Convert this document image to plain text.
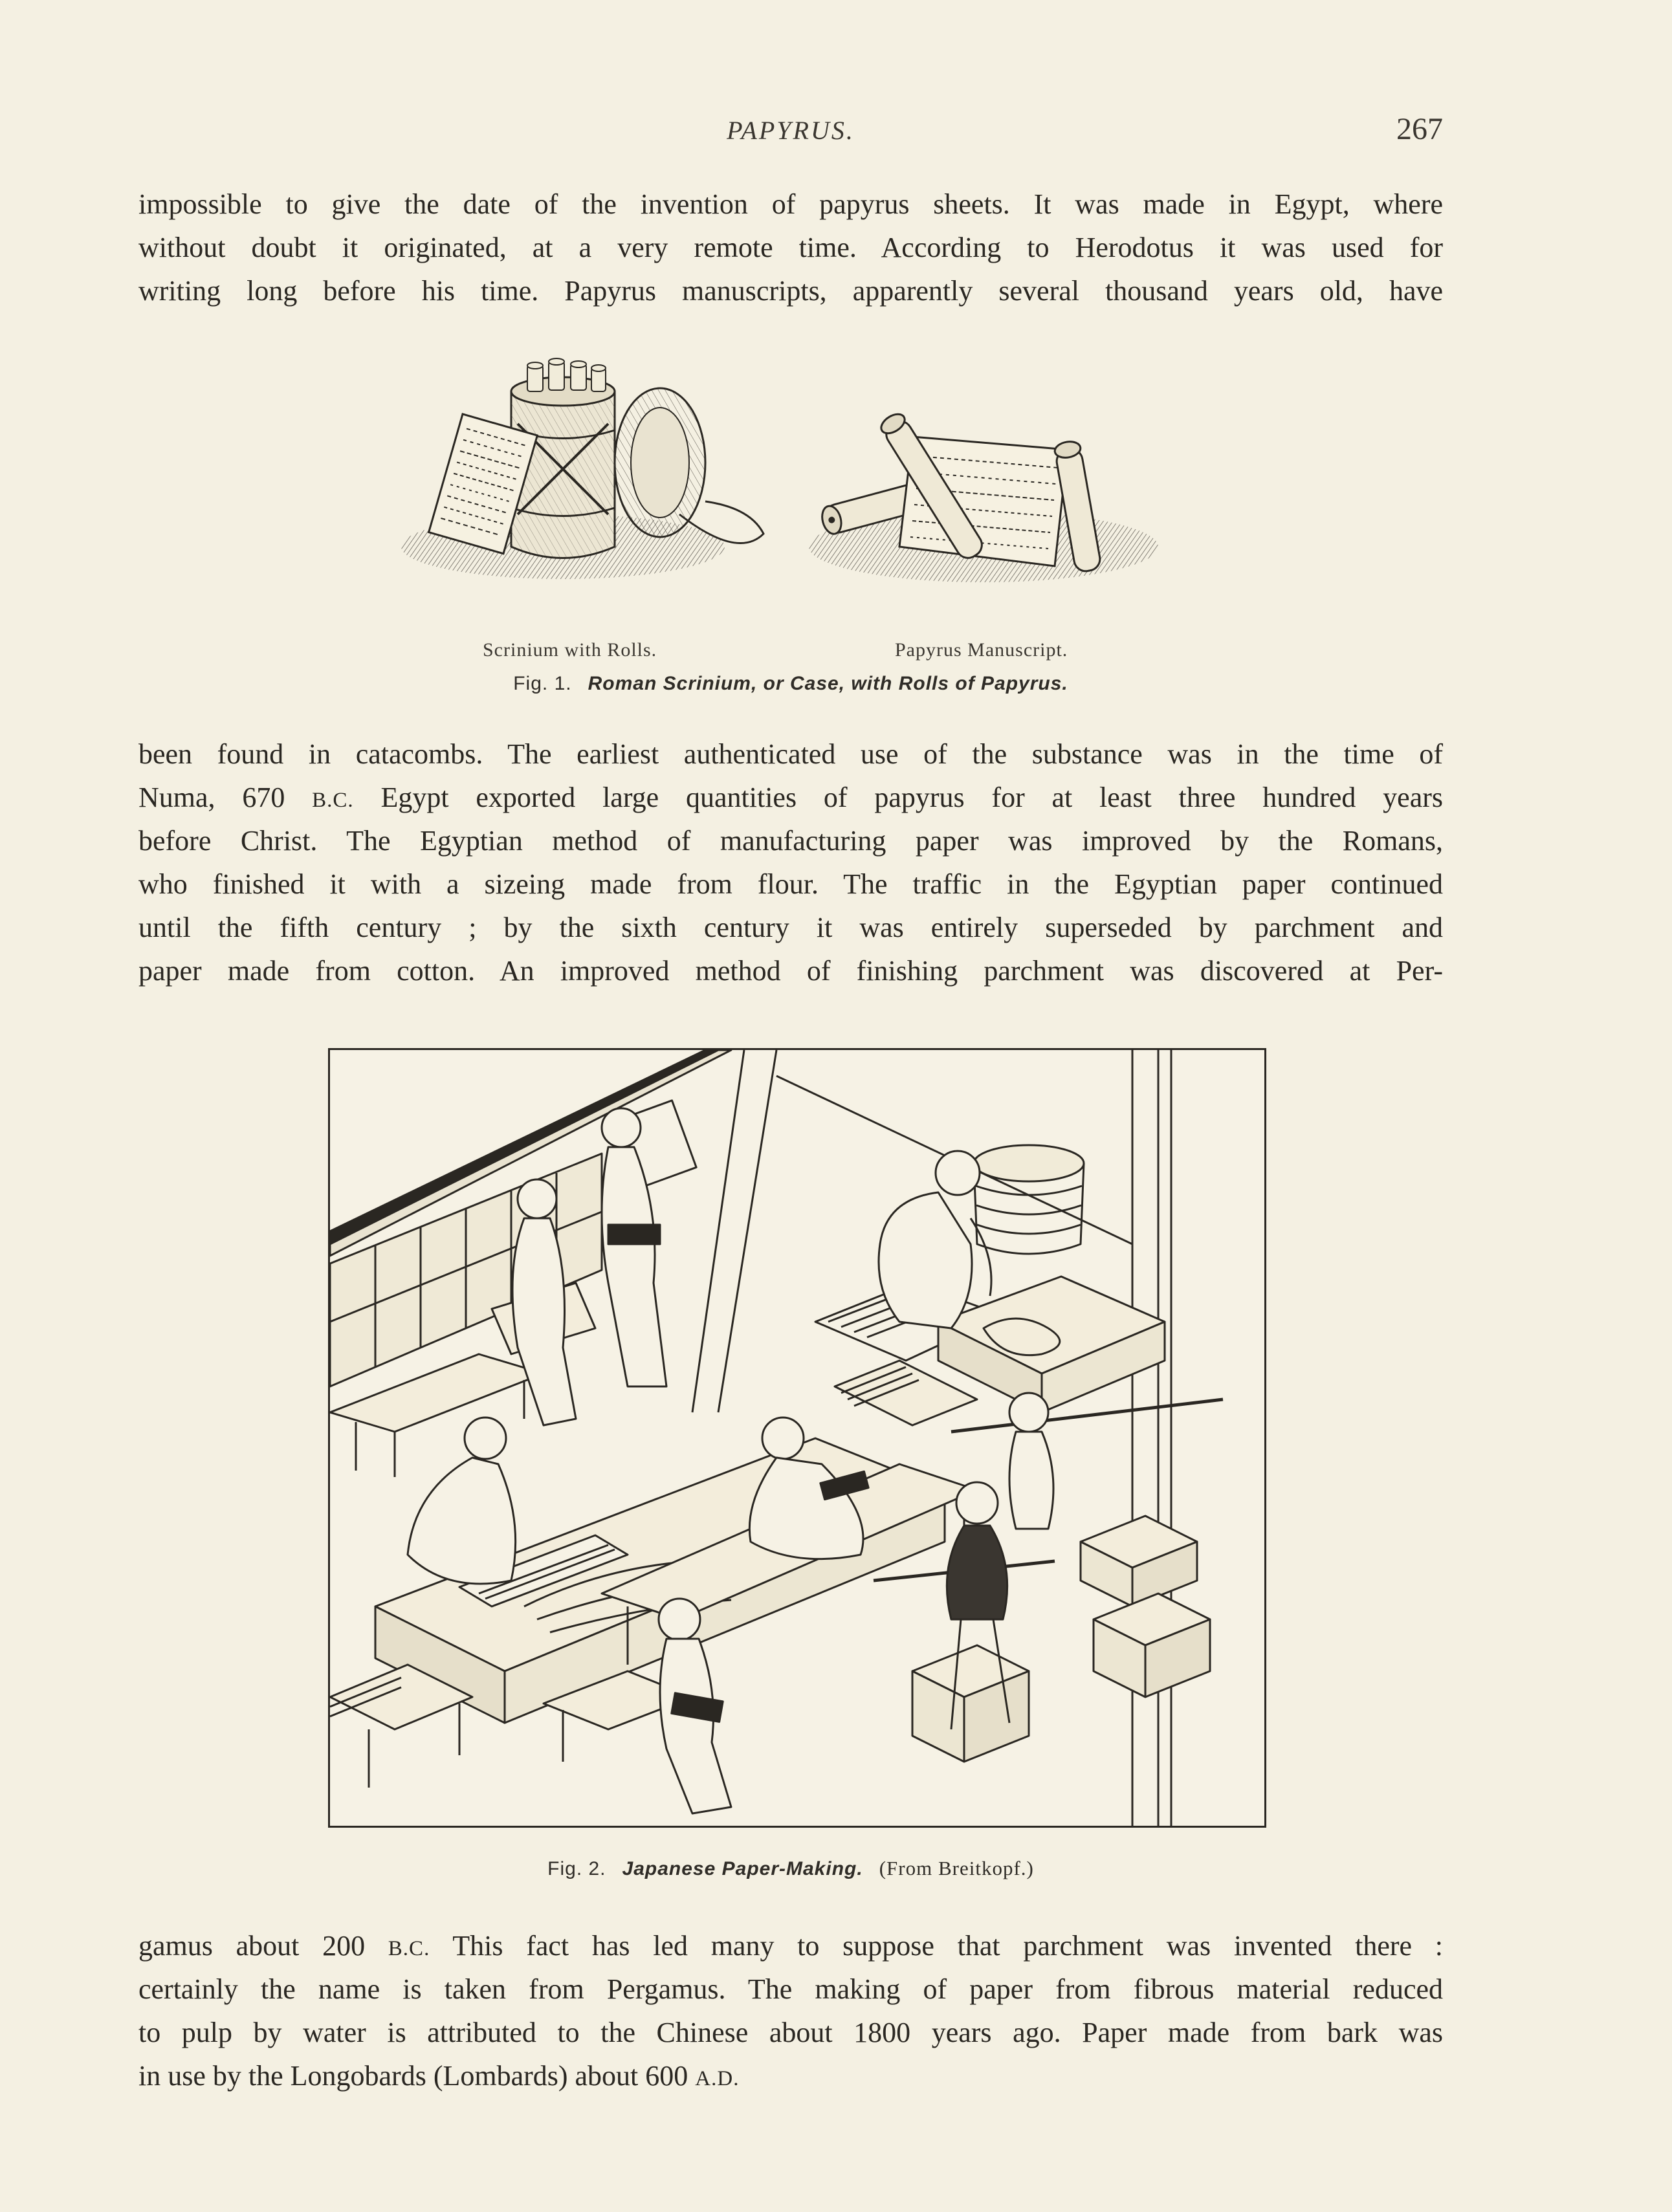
PAPYRUS.	267

impossible to give the date of the invention of papyrus sheets. It was made in Egypt, where

without doubt it originated, at a very remote time. According to Herodotus it was used for

writing long before his time. Papyrus manuscripts, apparently several thousand years old, have

Scrinium with Rolls.	Papyrus Manuscript.
Fig. 1. Roman Scrinium, or Case, with Rolls of Papyrus.

been found in catacombs. The earliest authenticated use of the substance was in the time of

Numa, 670 B.C. Egypt exported large quantities of papyrus for at least three hundred years

before Christ. The Egyptian method of manufacturing paper was improved by the Romans,

who finished it with a sizeing made from flour. The traffic in the Egyptian paper continued

until the fifth century ; by the sixth century it was entirely superseded by parchment and

paper made from cotton. An improved method of finishing parchment was discovered at Per-

Fig. 2. Japanese Paper-Making. (From Breitkopf.)

gamus about 200 B.C. This fact has led many to suppose that parchment was invented there :

certainly the name is taken from Pergamus. The making of paper from fibrous material reduced

to pulp by water is attributed to the Chinese about 1800 years ago. Paper made from bark was

in use by the Longobards (Lombards) about 600 A.D.
